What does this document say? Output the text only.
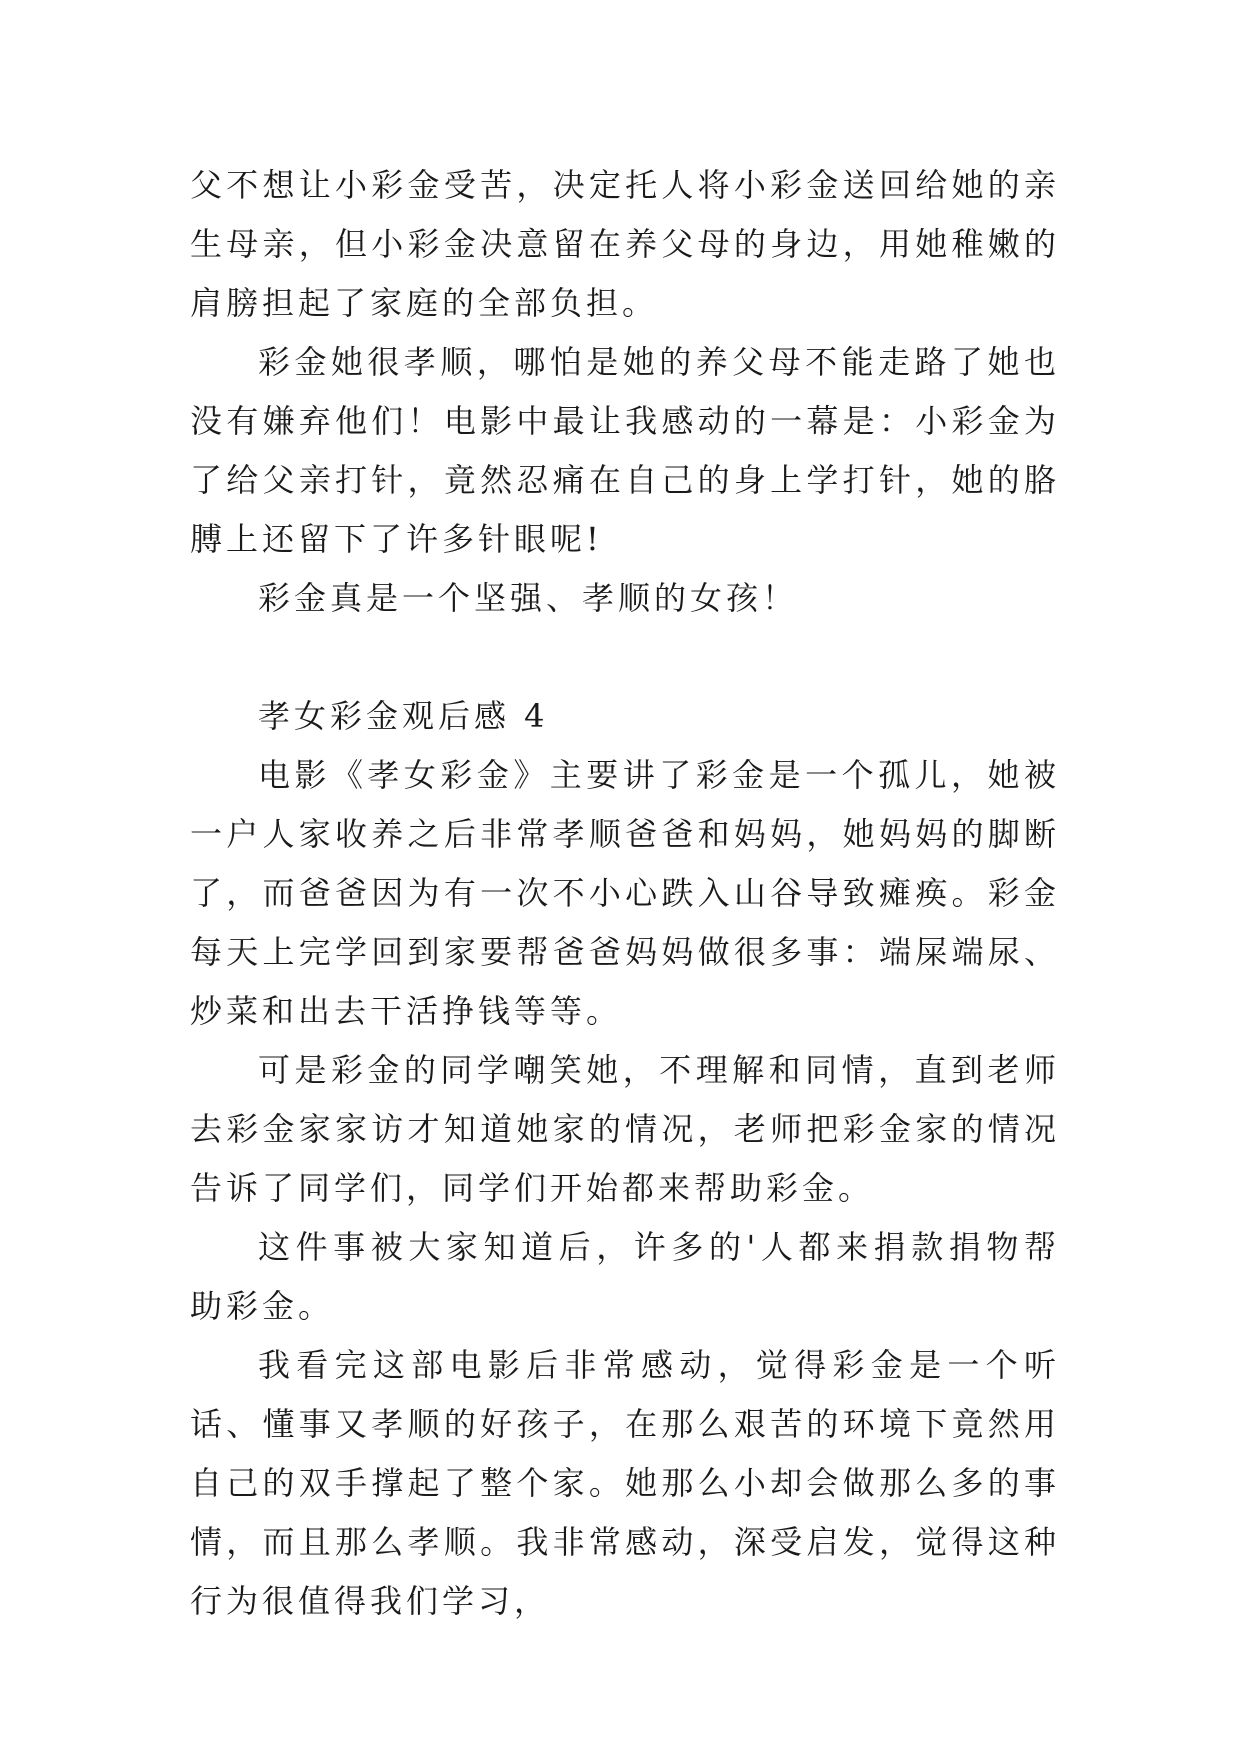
父不想让小彩金受苦，决定托人将小彩金送回给她的亲生母亲，但小彩金决意留在养父母的身边，用她稚嫩的肩膀担起了家庭的全部负担。

彩金她很孝顺，哪怕是她的养父母不能走路了她也没有嫌弃他们！电影中最让我感动的一幕是：小彩金为了给父亲打针，竟然忍痛在自己的身上学打针，她的胳膊上还留下了许多针眼呢!

彩金真是一个坚强、孝顺的女孩！

孝女彩金观后感 4

电影《孝女彩金》主要讲了彩金是一个孤儿，她被一户人家收养之后非常孝顺爸爸和妈妈，她妈妈的脚断了，而爸爸因为有一次不小心跌入山谷导致瘫痪。彩金每天上完学回到家要帮爸爸妈妈做很多事：端屎端尿、炒菜和出去干活挣钱等等。

可是彩金的同学嘲笑她，不理解和同情，直到老师去彩金家家访才知道她家的情况，老师把彩金家的情况告诉了同学们，同学们开始都来帮助彩金。

这件事被大家知道后，许多的'人都来捐款捐物帮助彩金。

我看完这部电影后非常感动，觉得彩金是一个听话、懂事又孝顺的好孩子，在那么艰苦的环境下竟然用自己的双手撑起了整个家。她那么小却会做那么多的事情，而且那么孝顺。我非常感动，深受启发，觉得这种行为很值得我们学习，
